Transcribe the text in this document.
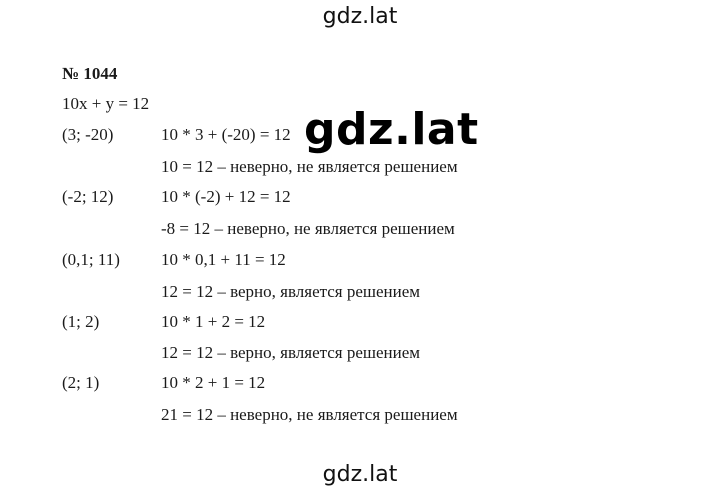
gdz.lat
№ 1044
10x + y = 12
(3; -20)	10 * 3 + (-20) = 12
10 = 12 – неверно, не является решением
(-2; 12)	10 * (-2) + 12 = 12
-8 = 12 – неверно, не является решением
(0,1; 11) 10 * 0,1 + 11 = 12
12 = 12 – верно, является решением
(1; 2)	10 * 1 + 2 = 12
12 = 12 – верно, является решением
(2; 1)	10 * 2 + 1 = 12
21 = 12 – неверно, не является решением
gdz.lat
gdz.lat
